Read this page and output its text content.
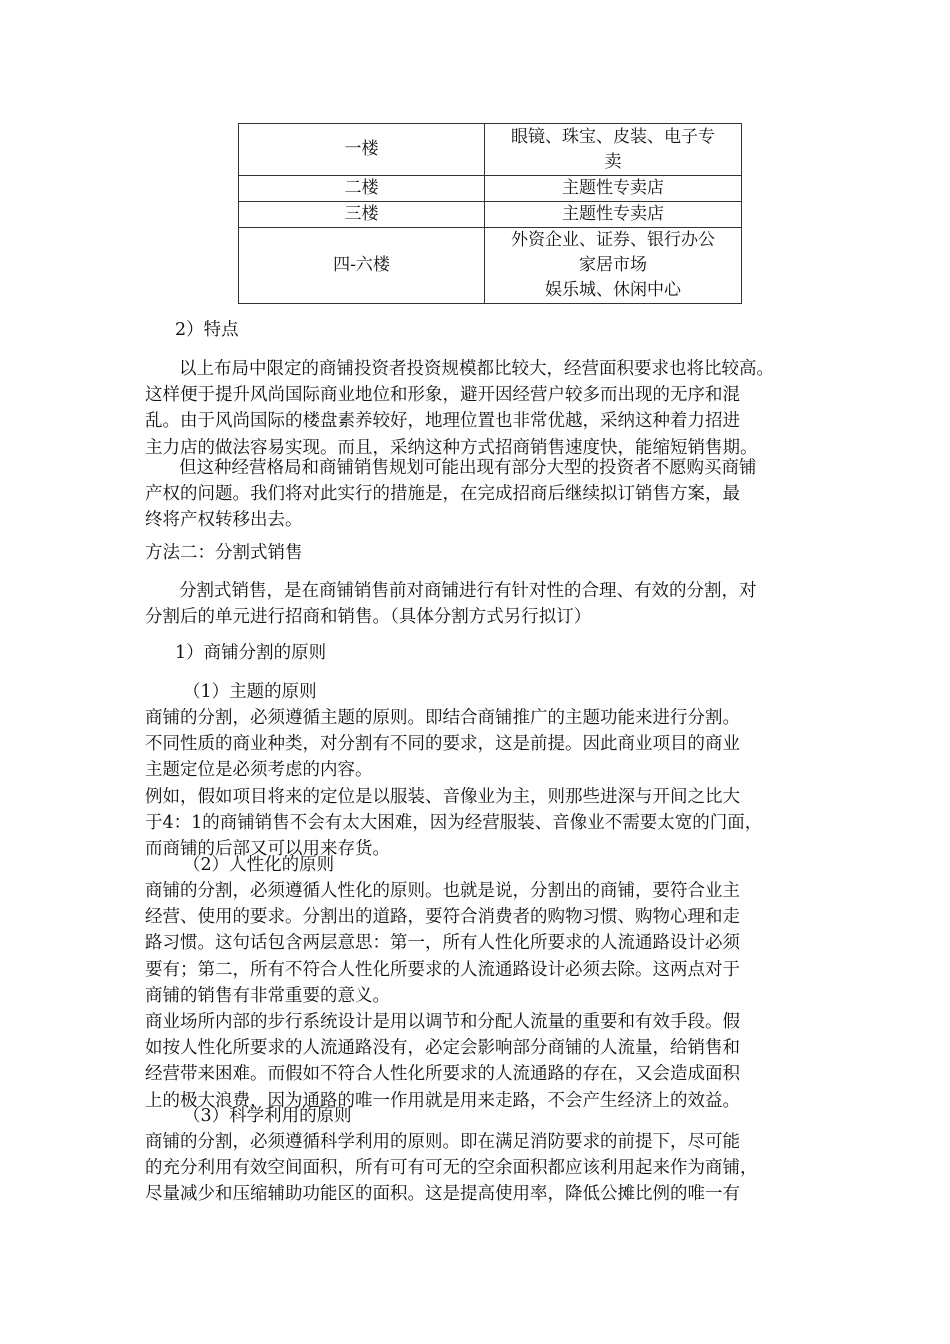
一楼	眼镜、珠宝、皮装、电子专
卖

二楼	主题性专卖店
三楼	主题性专卖店
四-六楼	外资企业、证券、银行办公
家居市场
娱乐城、休闲中心
2）特点
以上布局中限定的商铺投资者投资规模都比较大，经营面积要求也将比较高。
这样便于提升风尚国际商业地位和形象，避开因经营户较多而出现的无序和混
乱。由于风尚国际的楼盘素养较好，地理位置也非常优越，采纳这种着力招进
主力店的做法容易实现。而且，采纳这种方式招商销售速度快，能缩短销售期。
但这种经营格局和商铺销售规划可能出现有部分大型的投资者不愿购买商铺
产权的问题。我们将对此实行的措施是，在完成招商后继续拟订销售方案，最
终将产权转移出去。
方法二：分割式销售
分割式销售，是在商铺销售前对商铺进行有针对性的合理、有效的分割，对
分割后的单元进行招商和销售。（具体分割方式另行拟订）
1）商铺分割的原则
（1）主题的原则
商铺的分割，必须遵循主题的原则。即结合商铺推广的主题功能来进行分割。
不同性质的商业种类，对分割有不同的要求，这是前提。因此商业项目的商业
主题定位是必须考虑的内容。
例如，假如项目将来的定位是以服装、音像业为主，则那些进深与开间之比大
于4：1的商铺销售不会有太大困难，因为经营服装、音像业不需要太宽的门面，
而商铺的后部又可以用来存货。
（2）人性化的原则
商铺的分割，必须遵循人性化的原则。也就是说，分割出的商铺，要符合业主
经营、使用的要求。分割出的道路，要符合消费者的购物习惯、购物心理和走
路习惯。这句话包含两层意思：第一，所有人性化所要求的人流通路设计必须
要有；第二，所有不符合人性化所要求的人流通路设计必须去除。这两点对于
商铺的销售有非常重要的意义。
商业场所内部的步行系统设计是用以调节和分配人流量的重要和有效手段。假
如按人性化所要求的人流通路没有，必定会影响部分商铺的人流量，给销售和
经营带来困难。而假如不符合人性化所要求的人流通路的存在，又会造成面积
上的极大浪费，因为通路的唯一作用就是用来走路，不会产生经济上的效益。
（3）科学利用的原则
商铺的分割，必须遵循科学利用的原则。即在满足消防要求的前提下，尽可能
的充分利用有效空间面积，所有可有可无的空余面积都应该利用起来作为商铺，
尽量减少和压缩辅助功能区的面积。这是提高使用率，降低公摊比例的唯一有
